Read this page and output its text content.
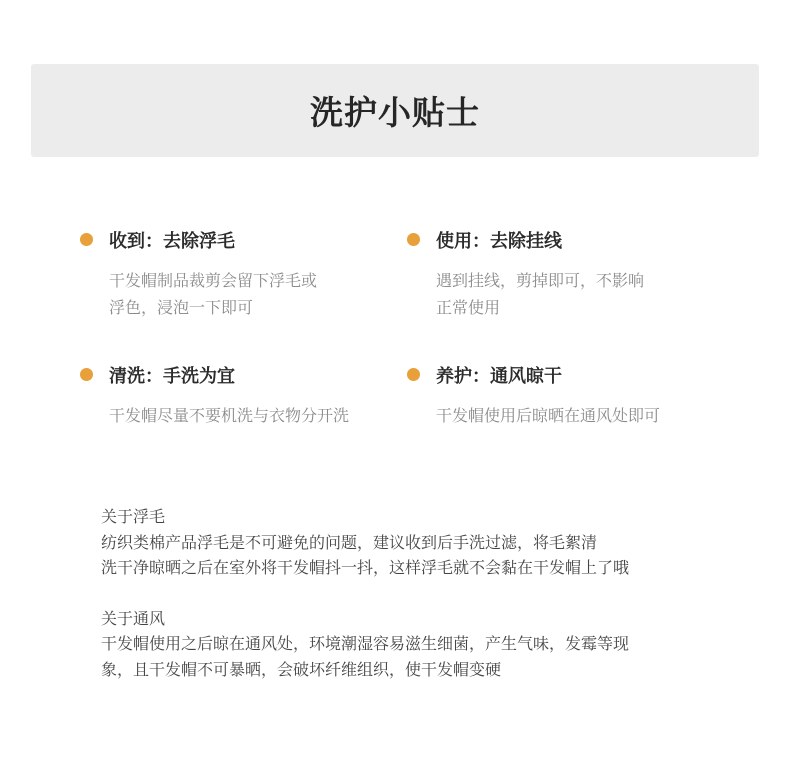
洗护小贴士
收到：去除浮毛
干发帽制品裁剪会留下浮毛或
浮色，浸泡一下即可
使用：去除挂线
遇到挂线，剪掉即可，不影响
正常使用
清洗：手洗为宜
干发帽尽量不要机洗与衣物分开洗
养护：通风晾干
干发帽使用后晾晒在通风处即可
关于浮毛
纺织类棉产品浮毛是不可避免的问题，建议收到后手洗过滤，将毛絮清
洗干净晾晒之后在室外将干发帽抖一抖，这样浮毛就不会黏在干发帽上了哦
关于通风
干发帽使用之后晾在通风处，环境潮湿容易滋生细菌，产生气味，发霉等现
象，且干发帽不可暴晒，会破坏纤维组织，使干发帽变硬
